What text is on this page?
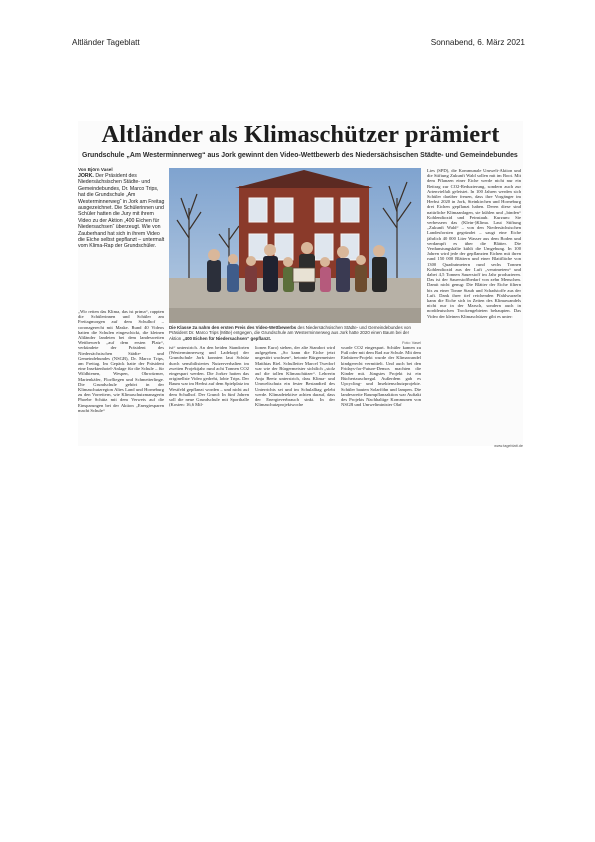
Altländer Tageblatt	Sonnabend, 6. März 2021
Altländer als Klimaschützer prämiert
Grundschule „Am Westerminnerweg“ aus Jork gewinnt den Video-Wettbewerb des Niedersächsischen Städte- und Gemeindebundes
Von Björn Vasel
JORK. Der Präsident des Niedersächsischen Städte- und Gemeindebundes, Dr. Marco Trips, hat die Grundschule „Am Westerminnerweg“ in Jork am Freitag ausgezeichnet. Die Schülerinnen und Schüler hatten die Jury mit ihrem Video zu der Aktion „400 Eichen für Niedersachsen“ überzeugt. Wie von Zauberhand hat sich in ihrem Video die Eiche selbst gepflanzt – untermalt vom Klima-Rap der Grundschüler.
Die Klasse 2a nahm den ersten Preis des Video-Wettbewerbs des Niedersächsischen Städte- und Gemeindebundes von Präsident Dr. Marco Trips (Mitte) entgegen, die Grundschule am Westerminnerweg aus Jork hatte 2020 einen Baum bei der Aktion „400 Eichen für Niedersachsen“ gepflanzt.
Foto: Vasel
„Wir retten das Klima, das ist prima“, rappten die Schülerinnen und Schüler am Freitagmorgen auf dem Schulhof – coronagerecht mit Maske. Rund 40 Videos hatten die Schulen eingeschickt, die kleinen Altländer landeten bei dem landesweiten Wettbewerb „auf dem ersten Platz“, verkündete der Präsident des Niedersächsischen Städte- und Gemeindebundes (NSGB), Dr. Marco Trips, am Freitag. Im Gepäck hatte der Präsident eine Insektenhotel-Anlage für die Schule – für Wildbienen, Wespen, Ohrwürmer, Marienkäfer, Florfliegen und Schmetterlinge. Die Grundschule gehört in der Klimaschutzregion Altes Land und Horneburg zu den Vorreitern, wie Klimaschutzmanagerin Phoebe Schütz mit dem Verweis auf die Einsparungen bei der Aktion „Energiesparen macht Schule“
ist“ unterstrich. An den beiden Standorten (Westerminnerweg und Ladekop) der Grundschule Jork konnten laut Schütz durch sensibilisiertes Nutzerverhalten im zweiten Projektjahr rund acht Tonnen CO2 eingespart werden. Die Jorker hatten das originellste Video gedreht, lobte Trips. Der Baum war im Herbst auf dem Spielplatz im Westfeld gepflanzt worden – und nicht auf dem Schulhof. Der Grund: In fünf Jahren soll die neue Grundschule mit Sporthalle (Kosten: 16,6 Mil-
lionen Euro) stehen, der alte Standort wird aufgegeben. „So kann die Eiche jetzt ungestört wachsen“, betonte Bürgermeister Matthias Riel. Schulleiter Marcel Twedorf war wie der Bürgermeister sichtlich „stolz auf die tollen Klimaschützer“. Lehrerin Anja Beetz unterstrich, dass Klima- und Umweltschutz ein fester Bestandteil des Unterrichts sei und im Schulalltag gelebt werde. Klimadetektive achten darauf, dass der Energieverbrauch sinkt. In der Klimaschutzprojektwoche
wurde CO2 eingespart. Schüler kamen zu Fuß oder mit dem Rad zur Schule. Mit dem Einbüren-Projekt wurde der Klimawandel kindgerecht vermittelt. Und auch bei den Fridays-for-Future-Demos machten die Kinder mit. Jüngstes Projekt ist ein Büchertauschregal. Außerdem gab es Upcycling- und Insektenschutzprojekte. Schüler bauten Solarföhn und lampen. Die landesweite Baumpflanzaktion war Auftakt des Projekts Nachhaltige Kommunen von NSGB und Umweltminister Olaf
Lies (SPD), die Kommunale Umwelt-Aktion und die Stiftung Zukunft Wald sollen mit im Boot. Mit dem Pflanzen einer Eiche werde nicht nur ein Beitrag zur CO2-Reduzierung, sondern auch zur Artenvielfalt geleistet. In 100 Jahren werden sich Schüler darüber freuen, dass ihre Vorgänger im Herbst 2020 in Jork, Steinkirchen und Horneburg drei Eichen gepflanzt haben. Deren diese sind natürliche Klimaanlagen, sie kühlen und „binden“ Kohlendioxid und Feinstaub. Kurzum: Sie verbessern das (Klein-)Klima. Laut Stiftung „Zukunft Wald“ – von den Niedersächsischen Landesforsten gegründet – saugt eine Eiche jährlich 40 000 Liter Wasser aus dem Boden und verdampft es über die Blätter. Die Verdunstungskälte kühlt die Umgebung. In 100 Jahren wird jede der gepflanzten Eichen mit ihren rund 150 000 Blättern und einer Blattfläche von 1300 Quadratmetern rund sechs Tonnen Kohlendioxid aus der Luft „veratmetem“ und dabei 4,5 Tonnen Sauerstoff im Jahr produzieren. Das ist der Sauerstoffbedarf von zehn Menschen. Damit nicht genug: Die Blätter der Eiche filtern bis zu einer Tonne Staub und Schadstoffe aus der Luft. Dank ihrer tief reichenden Pfahlwurzeln kann die Eiche sich in Zeiten des Klimawandels nicht nur in der Marsch, sondern auch in norddeutschen Trockengebieten behaupten. Das Video der kleinen Klimaschützer gibt es unter:
www.tageblatt.de
